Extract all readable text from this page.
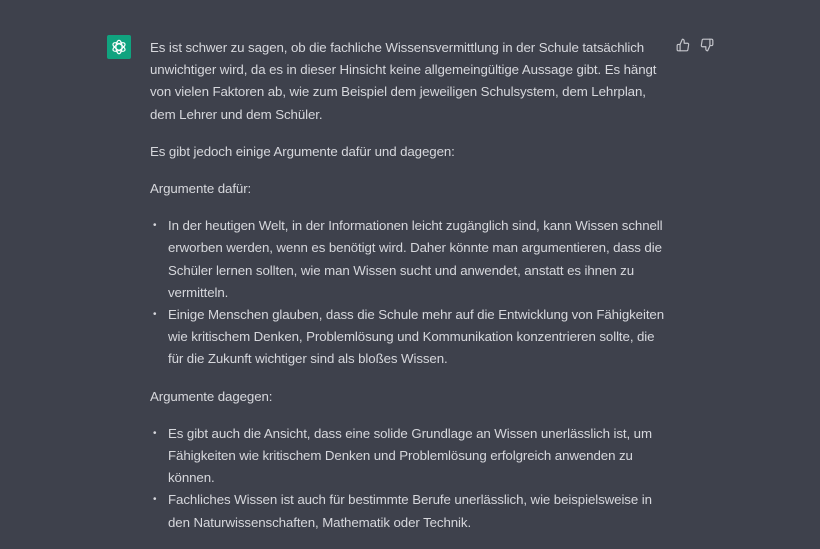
Es ist schwer zu sagen, ob die fachliche Wissensvermittlung in der Schule tatsächlich unwichtiger wird, da es in dieser Hinsicht keine allgemeingültige Aussage gibt. Es hängt von vielen Faktoren ab, wie zum Beispiel dem jeweiligen Schulsystem, dem Lehrplan, dem Lehrer und dem Schüler.

Es gibt jedoch einige Argumente dafür und dagegen:

Argumente dafür:

• In der heutigen Welt, in der Informationen leicht zugänglich sind, kann Wissen schnell erworben werden, wenn es benötigt wird. Daher könnte man argumentieren, dass die Schüler lernen sollten, wie man Wissen sucht und anwendet, anstatt es ihnen zu vermitteln.
• Einige Menschen glauben, dass die Schule mehr auf die Entwicklung von Fähigkeiten wie kritischem Denken, Problemlösung und Kommunikation konzentrieren sollte, die für die Zukunft wichtiger sind als bloßes Wissen.

Argumente dagegen:

• Es gibt auch die Ansicht, dass eine solide Grundlage an Wissen unerlässlich ist, um Fähigkeiten wie kritischem Denken und Problemlösung erfolgreich anwenden zu können.
• Fachliches Wissen ist auch für bestimmte Berufe unerlässlich, wie beispielsweise in den Naturwissenschaften, Mathematik oder Technik.
